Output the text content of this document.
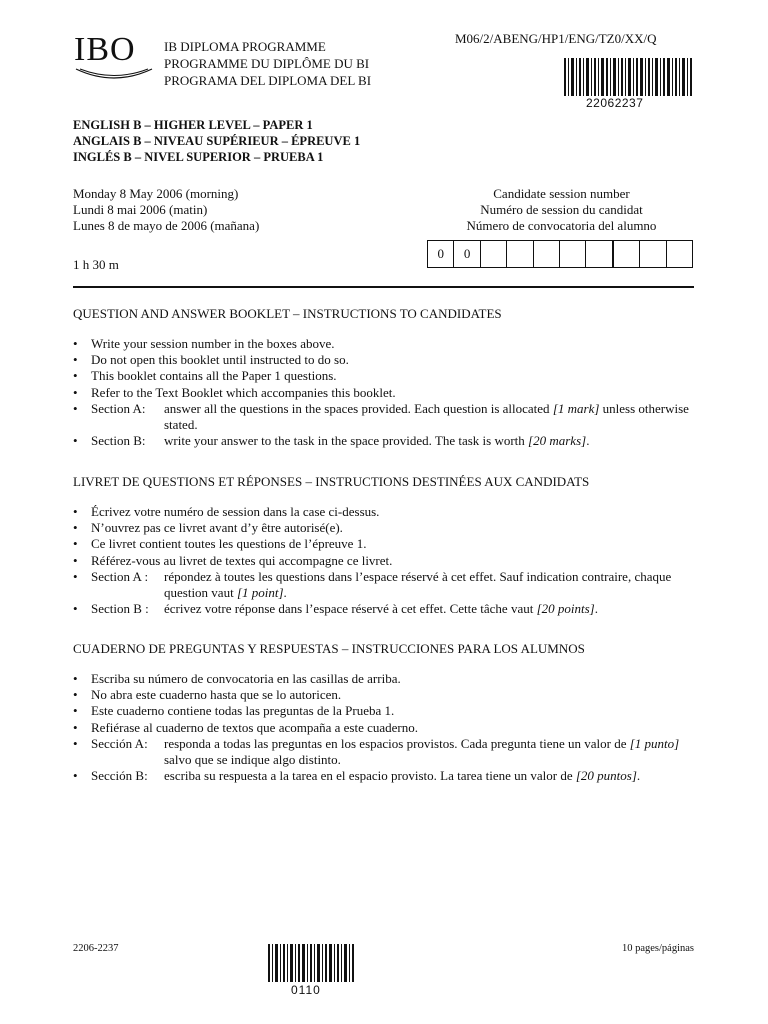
IBO	IB DIPLOMA PROGRAMME
PROGRAMME DU DIPLÔME DU BI
PROGRAMA DEL DIPLOMA DEL BI
M06/2/ABENG/HP1/ENG/TZ0/XX/Q
22062237
ENGLISH B – HIGHER LEVEL – PAPER 1
ANGLAIS B – NIVEAU SUPÉRIEUR – ÉPREUVE 1
INGLÉS B – NIVEL SUPERIOR – PRUEBA 1
Monday 8 May 2006 (morning)
Lundi 8 mai 2006 (matin)
Lunes 8 de mayo de 2006 (mañana)
1 h 30 m
Candidate session number
Numéro de session du candidat
Número de convocatoria del alumno
0	0
QUESTION AND ANSWER BOOKLET – INSTRUCTIONS TO CANDIDATES
• Write your session number in the boxes above.
• Do not open this booklet until instructed to do so.
• This booklet contains all the Paper 1 questions.
• Refer to the Text Booklet which accompanies this booklet.
• Section A:	answer all the questions in the spaces provided. Each question is allocated [1 mark] unless otherwise stated.
• Section B:	write your answer to the task in the space provided. The task is worth [20 marks].
LIVRET DE QUESTIONS ET RÉPONSES – INSTRUCTIONS DESTINÉES AUX CANDIDATS
• Écrivez votre numéro de session dans la case ci-dessus.
• N’ouvrez pas ce livret avant d’y être autorisé(e).
• Ce livret contient toutes les questions de l’épreuve 1.
• Référez-vous au livret de textes qui accompagne ce livret.
• Section A :	répondez à toutes les questions dans l’espace réservé à cet effet. Sauf indication contraire, chaque question vaut [1 point].
• Section B :	écrivez votre réponse dans l’espace réservé à cet effet. Cette tâche vaut [20 points].
CUADERNO DE PREGUNTAS Y RESPUESTAS – INSTRUCCIONES PARA LOS ALUMNOS
• Escriba su número de convocatoria en las casillas de arriba.
• No abra este cuaderno hasta que se lo autoricen.
• Este cuaderno contiene todas las preguntas de la Prueba 1.
• Refiérase al cuaderno de textos que acompaña a este cuaderno.
• Sección A:	responda a todas las preguntas en los espacios provistos. Cada pregunta tiene un valor de [1 punto] salvo que se indique algo distinto.
• Sección B:	escriba su respuesta a la tarea en el espacio provisto. La tarea tiene un valor de [20 puntos].
2206-2237
0110
10 pages/páginas
